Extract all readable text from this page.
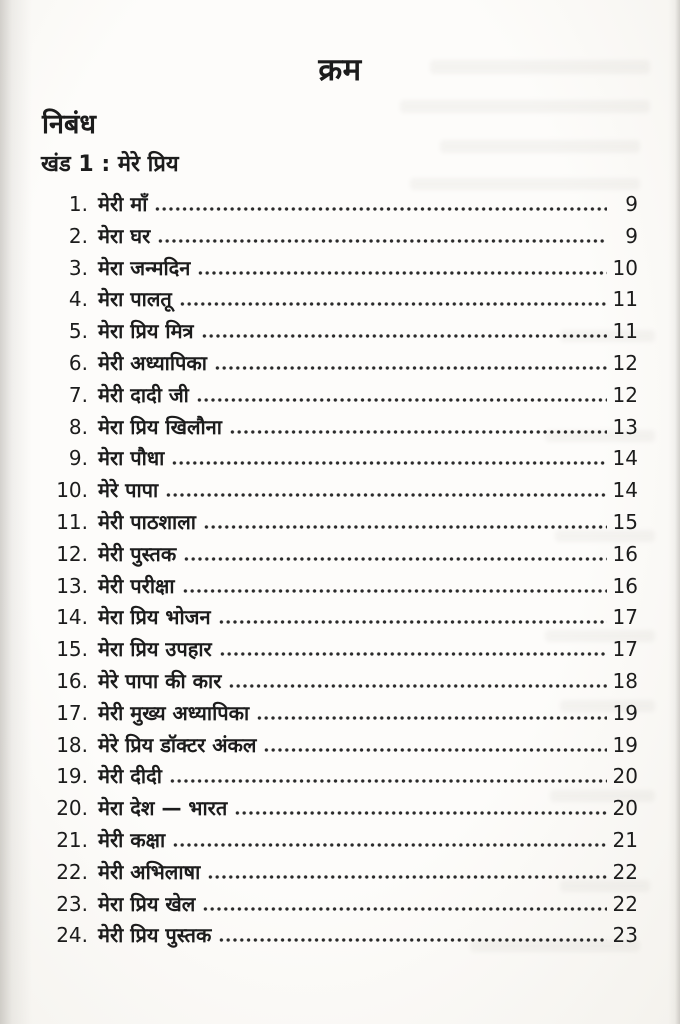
क्रम
निबंध
खंड 1 : मेरे प्रिय
1. मेरी माँ	9
2. मेरा घर	9
3. मेरा जन्मदिन	10
4. मेरा पालतू	11
5. मेरा प्रिय मित्र	11
6. मेरी अध्यापिका	12
7. मेरी दादी जी	12
8. मेरा प्रिय खिलौना	13
9. मेरा पौधा	14
10. मेरे पापा	14
11. मेरी पाठशाला	15
12. मेरी पुस्तक	16
13. मेरी परीक्षा	16
14. मेरा प्रिय भोजन	17
15. मेरा प्रिय उपहार	17
16. मेरे पापा की कार	18
17. मेरी मुख्य अध्यापिका	19
18. मेरे प्रिय डॉक्टर अंकल	19
19. मेरी दीदी	20
20. मेरा देश — भारत	20
21. मेरी कक्षा	21
22. मेरी अभिलाषा	22
23. मेरा प्रिय खेल	22
24. मेरी प्रिय पुस्तक	23
